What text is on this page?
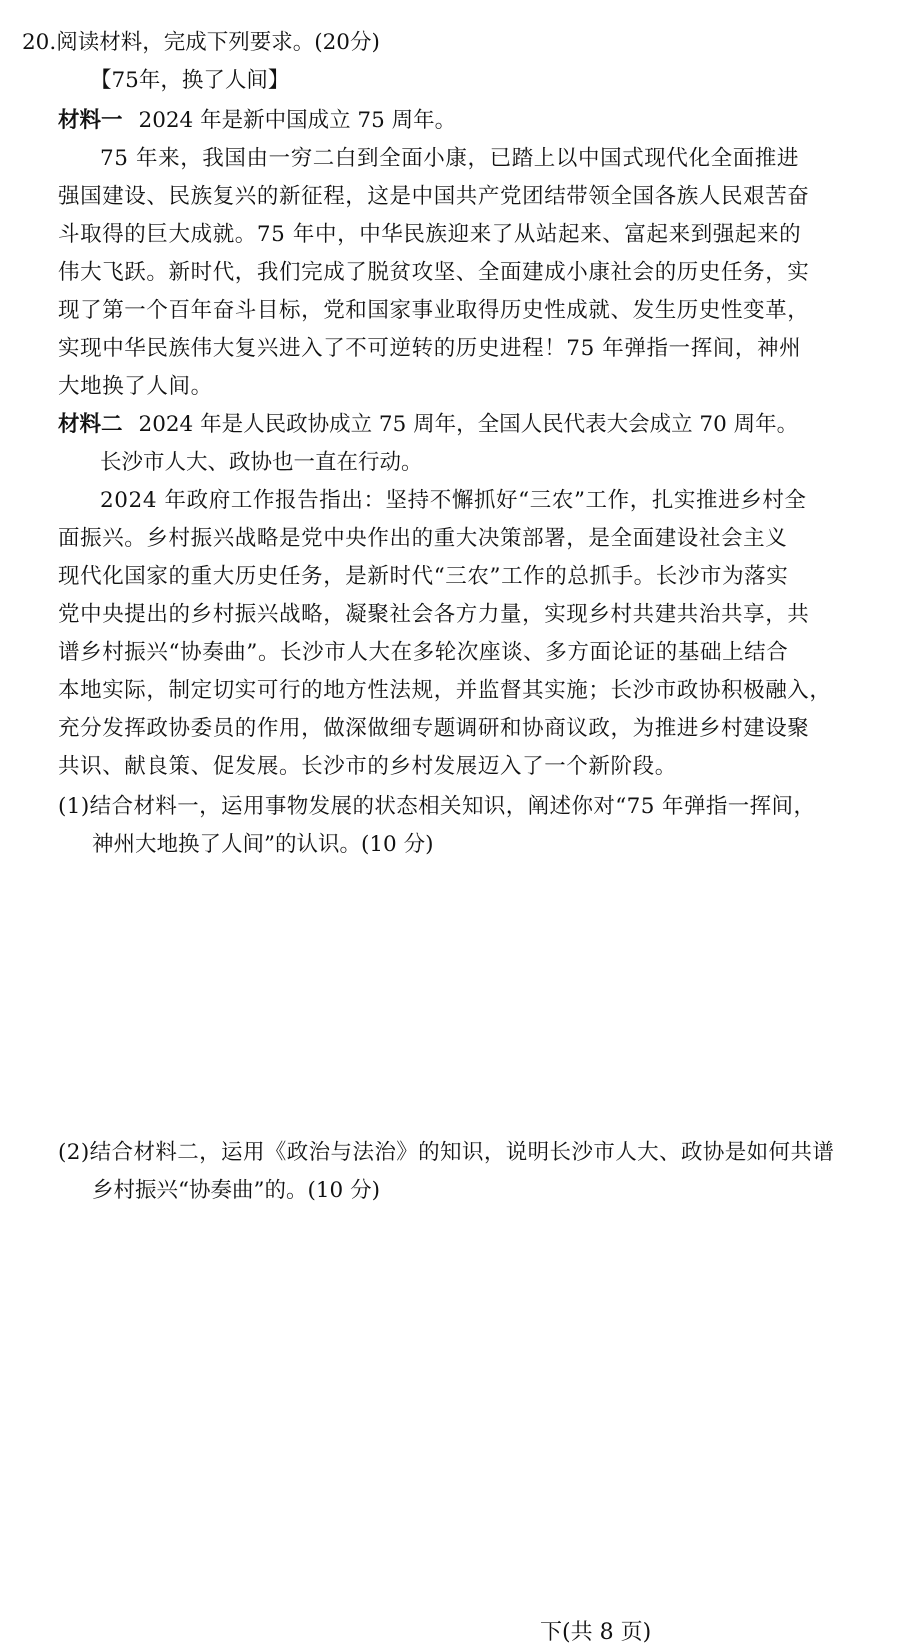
20.阅读材料，完成下列要求。(20分)
【75年，换了人间】
材料一 2024 年是新中国成立 75 周年。
75 年来，我国由一穷二白到全面小康，已踏上以中国式现代化全面推进
强国建设、民族复兴的新征程，这是中国共产党团结带领全国各族人民艰苦奋
斗取得的巨大成就。75 年中，中华民族迎来了从站起来、富起来到强起来的
伟大飞跃。新时代，我们完成了脱贫攻坚、全面建成小康社会的历史任务，实
现了第一个百年奋斗目标，党和国家事业取得历史性成就、发生历史性变革，
实现中华民族伟大复兴进入了不可逆转的历史进程！75 年弹指一挥间，神州
大地换了人间。
材料二 2024 年是人民政协成立 75 周年，全国人民代表大会成立 70 周年。
长沙市人大、政协也一直在行动。
2024 年政府工作报告指出：坚持不懈抓好“三农”工作，扎实推进乡村全
面振兴。乡村振兴战略是党中央作出的重大决策部署，是全面建设社会主义
现代化国家的重大历史任务，是新时代“三农”工作的总抓手。长沙市为落实
党中央提出的乡村振兴战略，凝聚社会各方力量，实现乡村共建共治共享，共
谱乡村振兴“协奏曲”。长沙市人大在多轮次座谈、多方面论证的基础上结合
本地实际，制定切实可行的地方性法规，并监督其实施；长沙市政协积极融入，
充分发挥政协委员的作用，做深做细专题调研和协商议政，为推进乡村建设聚
共识、献良策、促发展。长沙市的乡村发展迈入了一个新阶段。
(1)结合材料一，运用事物发展的状态相关知识，阐述你对“75 年弹指一挥间，
神州大地换了人间”的认识。(10 分)
(2)结合材料二，运用《政治与法治》的知识，说明长沙市人大、政协是如何共谱
乡村振兴“协奏曲”的。(10 分)
下(共 8 页)
